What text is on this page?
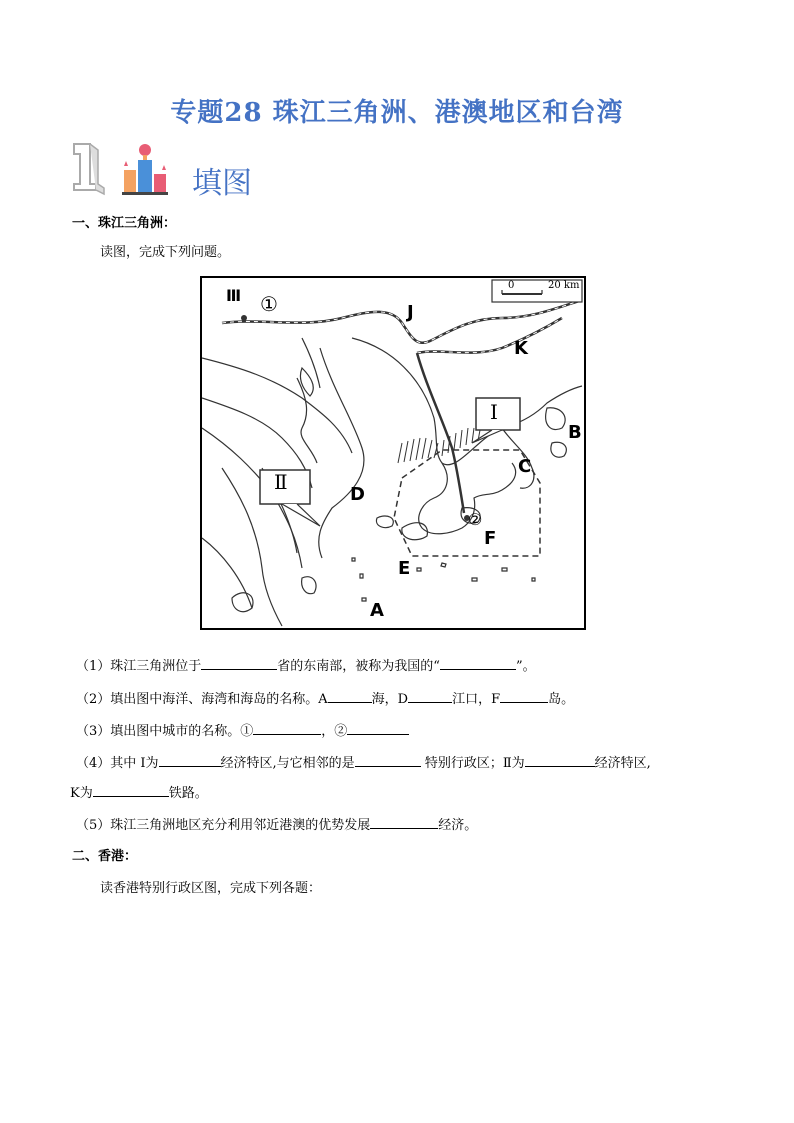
专题28 珠江三角洲、港澳地区和台湾
填图
一、珠江三角洲：
读图，完成下列问题。
0	20 km
Ⅲ ①	J
K
Ⅰ
B
C
Ⅱ
D
②
F
E
A
（1）珠江三角洲位于	省的东南部，被称为我国的“	”。
（2）填出图中海洋、海湾和海岛的名称。A	海，D	江口，F	岛。
（3）填出图中城市的名称。①	，②
（4）其中 Ⅰ为	经济特区,与它相邻的是	特别行政区；Ⅱ为	经济特区,
K为	铁路。
（5）珠江三角洲地区充分利用邻近港澳的优势发展	经济。
二、香港：
读香港特别行政区图，完成下列各题：
